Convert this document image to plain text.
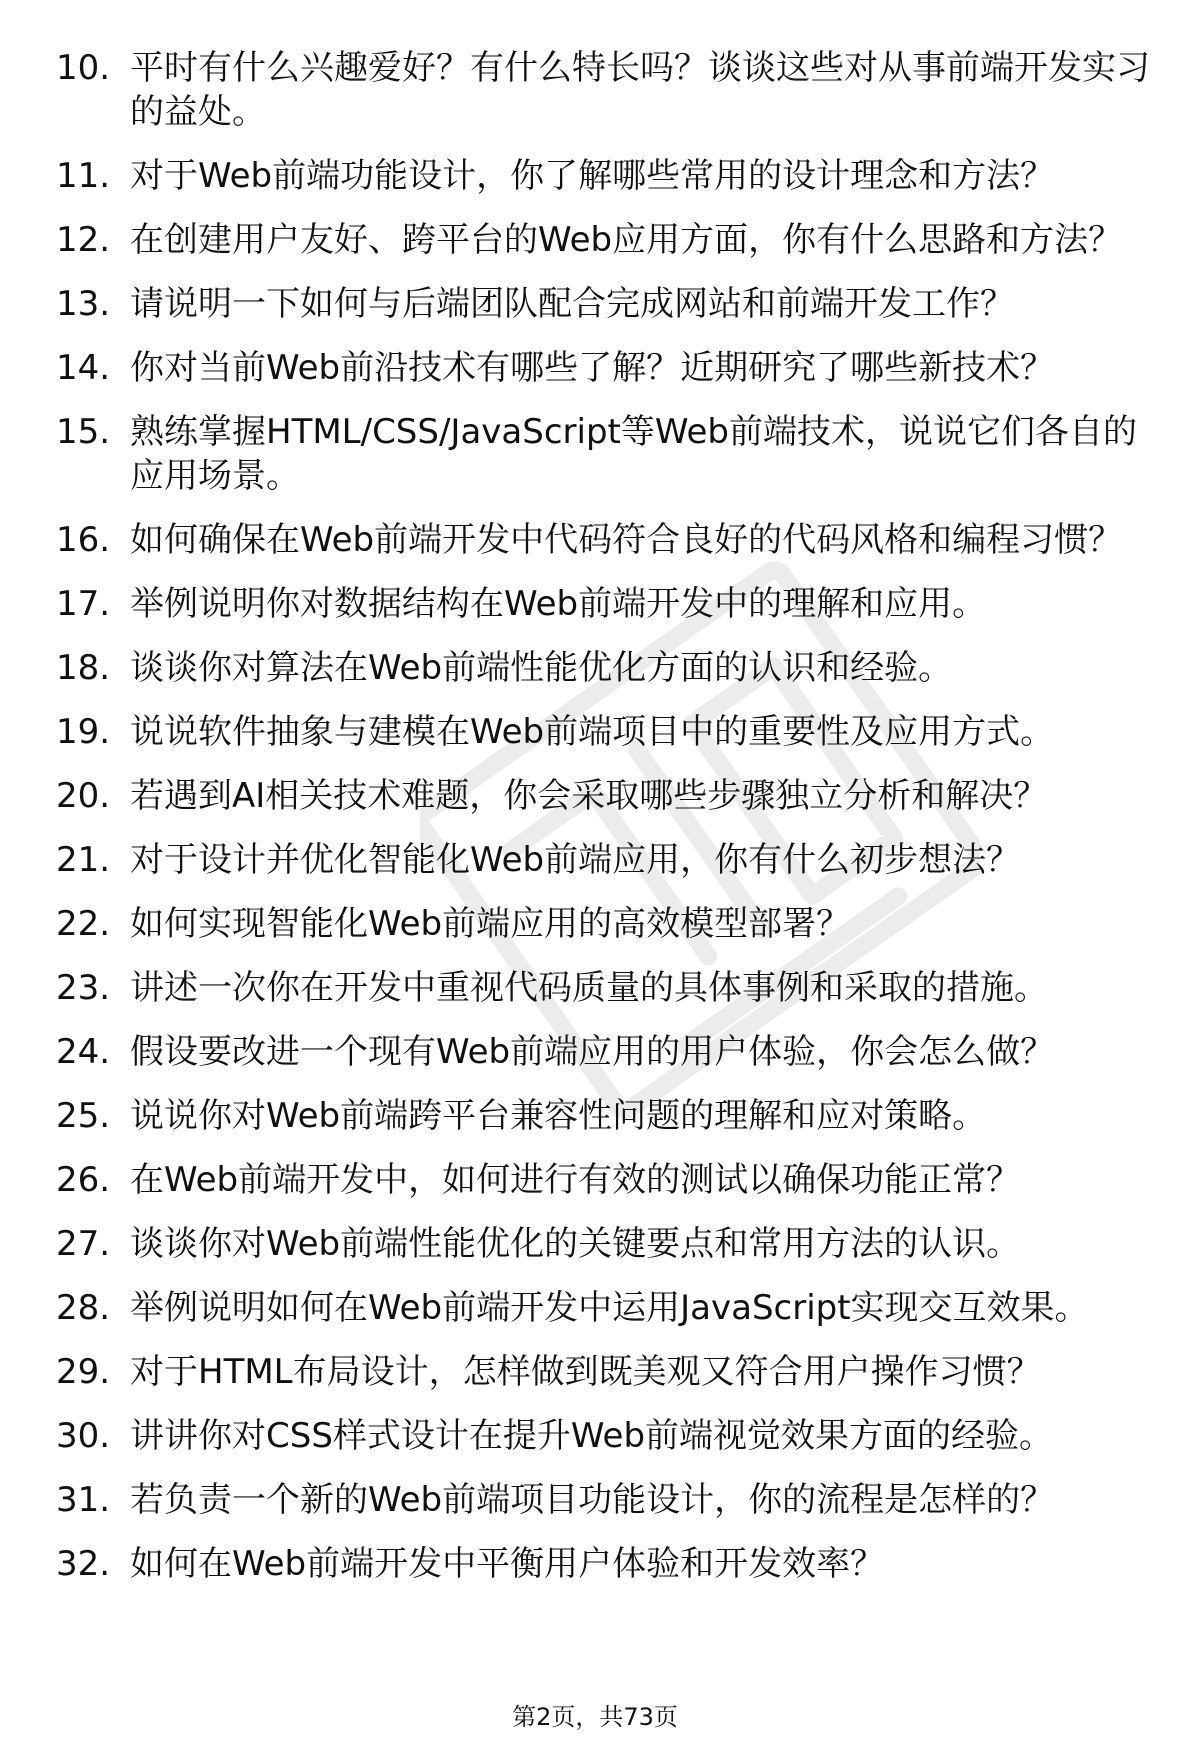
10. 平时有什么兴趣爱好？有什么特长吗？谈谈这些对从事前端开发实习的益处。
11. 对于Web前端功能设计，你了解哪些常用的设计理念和方法？
12. 在创建用户友好、跨平台的Web应用方面，你有什么思路和方法？
13. 请说明一下如何与后端团队配合完成网站和前端开发工作？
14. 你对当前Web前沿技术有哪些了解？近期研究了哪些新技术？
15. 熟练掌握HTML/CSS/JavaScript等Web前端技术，说说它们各自的应用场景。
16. 如何确保在Web前端开发中代码符合良好的代码风格和编程习惯？
17. 举例说明你对数据结构在Web前端开发中的理解和应用。
18. 谈谈你对算法在Web前端性能优化方面的认识和经验。
19. 说说软件抽象与建模在Web前端项目中的重要性及应用方式。
20. 若遇到AI相关技术难题，你会采取哪些步骤独立分析和解决？
21. 对于设计并优化智能化Web前端应用，你有什么初步想法？
22. 如何实现智能化Web前端应用的高效模型部署？
23. 讲述一次你在开发中重视代码质量的具体事例和采取的措施。
24. 假设要改进一个现有Web前端应用的用户体验，你会怎么做？
25. 说说你对Web前端跨平台兼容性问题的理解和应对策略。
26. 在Web前端开发中，如何进行有效的测试以确保功能正常？
27. 谈谈你对Web前端性能优化的关键要点和常用方法的认识。
28. 举例说明如何在Web前端开发中运用JavaScript实现交互效果。
29. 对于HTML布局设计，怎样做到既美观又符合用户操作习惯？
30. 讲讲你对CSS样式设计在提升Web前端视觉效果方面的经验。
31. 若负责一个新的Web前端项目功能设计，你的流程是怎样的？
32. 如何在Web前端开发中平衡用户体验和开发效率？
第2页，共73页
